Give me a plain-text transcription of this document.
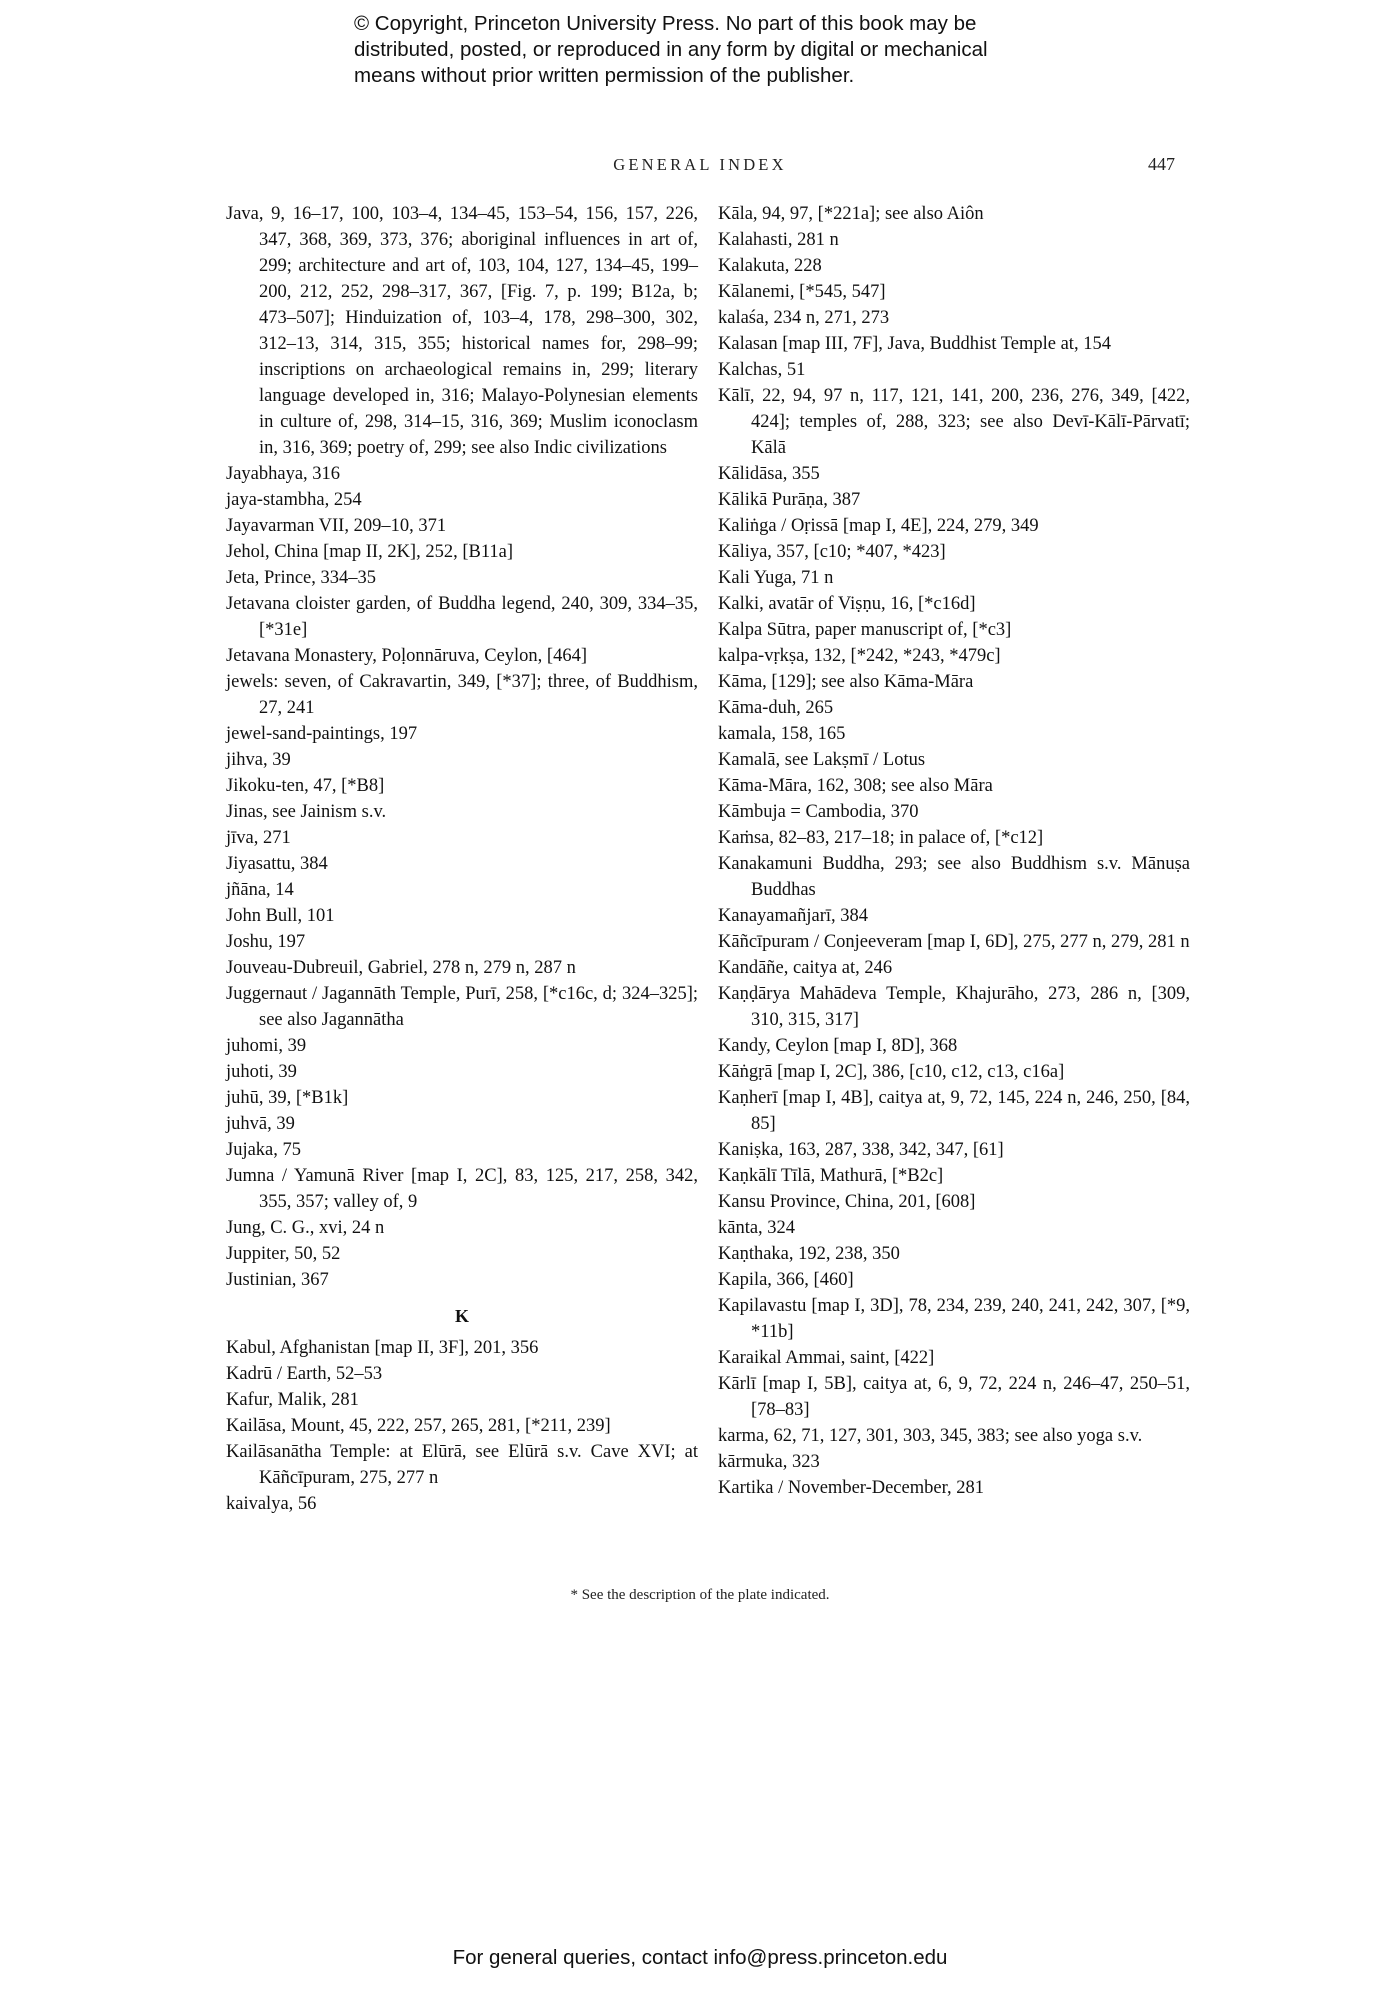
© Copyright, Princeton University Press. No part of this book may be
distributed, posted, or reproduced in any form by digital or mechanical
means without prior written permission of the publisher.
GENERAL INDEX	447
Java, 9, 16–17, 100, 103–4, 134–45, 153–54, 156, 157, 226, 347, 368, 369, 373, 376; aboriginal influences in art of, 299; architecture and art of, 103, 104, 127, 134–45, 199–200, 212, 252, 298–317, 367, [Fig. 7, p. 199; B12a, b; 473–507]; Hinduization of, 103–4, 178, 298–300, 302, 312–13, 314, 315, 355; historical names for, 298–99; inscriptions on archaeological remains in, 299; literary language developed in, 316; Malayo-Polynesian elements in culture of, 298, 314–15, 316, 369; Muslim iconoclasm in, 316, 369; poetry of, 299; see also Indic civilizations
Jayabhaya, 316
jaya-stambha, 254
Jayavarman VII, 209–10, 371
Jehol, China [map II, 2K], 252, [B11a]
Jeta, Prince, 334–35
Jetavana cloister garden, of Buddha legend, 240, 309, 334–35, [*31e]
Jetavana Monastery, Poḷonnāruva, Ceylon, [464]
jewels: seven, of Cakravartin, 349, [*37]; three, of Buddhism, 27, 241
jewel-sand-paintings, 197
jihva, 39
Jikoku-ten, 47, [*B8]
Jinas, see Jainism s.v.
jīva, 271
Jiyasattu, 384
jñāna, 14
John Bull, 101
Joshu, 197
Jouveau-Dubreuil, Gabriel, 278 n, 279 n, 287 n
Juggernaut / Jagannāth Temple, Purī, 258, [*c16c, d; 324–325]; see also Jagannātha
juhomi, 39
juhoti, 39
juhū, 39, [*B1k]
juhvā, 39
Jujaka, 75
Jumna / Yamunā River [map I, 2C], 83, 125, 217, 258, 342, 355, 357; valley of, 9
Jung, C. G., xvi, 24 n
Juppiter, 50, 52
Justinian, 367
K
Kabul, Afghanistan [map II, 3F], 201, 356
Kadrū / Earth, 52–53
Kafur, Malik, 281
Kailāsa, Mount, 45, 222, 257, 265, 281, [*211, 239]
Kailāsanātha Temple: at Elūrā, see Elūrā s.v. Cave XVI; at Kāñcīpuram, 275, 277 n
kaivalya, 56
Kāla, 94, 97, [*221a]; see also Aiôn
Kalahasti, 281 n
Kalakuta, 228
Kālanemi, [*545, 547]
kalaśa, 234 n, 271, 273
Kalasan [map III, 7F], Java, Buddhist Temple at, 154
Kalchas, 51
Kālī, 22, 94, 97 n, 117, 121, 141, 200, 236, 276, 349, [422, 424]; temples of, 288, 323; see also Devī-Kālī-Pārvatī; Kālā
Kālidāsa, 355
Kālikā Purāṇa, 387
Kaliṅga / Oṛissā [map I, 4E], 224, 279, 349
Kāliya, 357, [c10; *407, *423]
Kali Yuga, 71 n
Kalki, avatār of Viṣṇu, 16, [*c16d]
Kalpa Sūtra, paper manuscript of, [*c3]
kalpa-vṛkṣa, 132, [*242, *243, *479c]
Kāma, [129]; see also Kāma-Māra
Kāma-duh, 265
kamala, 158, 165
Kamalā, see Lakṣmī / Lotus
Kāma-Māra, 162, 308; see also Māra
Kāmbuja = Cambodia, 370
Kaṁsa, 82–83, 217–18; in palace of, [*c12]
Kanakamuni Buddha, 293; see also Buddhism s.v. Mānuṣa Buddhas
Kanayamañjarī, 384
Kāñcīpuram / Conjeeveram [map I, 6D], 275, 277 n, 279, 281 n
Kandāñe, caitya at, 246
Kaṇḍārya Mahādeva Temple, Khajurāho, 273, 286 n, [309, 310, 315, 317]
Kandy, Ceylon [map I, 8D], 368
Kāṅgṛā [map I, 2C], 386, [c10, c12, c13, c16a]
Kaṇherī [map I, 4B], caitya at, 9, 72, 145, 224 n, 246, 250, [84, 85]
Kaniṣka, 163, 287, 338, 342, 347, [61]
Kaṇkālī Tīlā, Mathurā, [*B2c]
Kansu Province, China, 201, [608]
kānta, 324
Kaṇthaka, 192, 238, 350
Kapila, 366, [460]
Kapilavastu [map I, 3D], 78, 234, 239, 240, 241, 242, 307, [*9, *11b]
Karaikal Ammai, saint, [422]
Kārlī [map I, 5B], caitya at, 6, 9, 72, 224 n, 246–47, 250–51, [78–83]
karma, 62, 71, 127, 301, 303, 345, 383; see also yoga s.v.
kārmuka, 323
Kartika / November-December, 281
* See the description of the plate indicated.
For general queries, contact info@press.princeton.edu
